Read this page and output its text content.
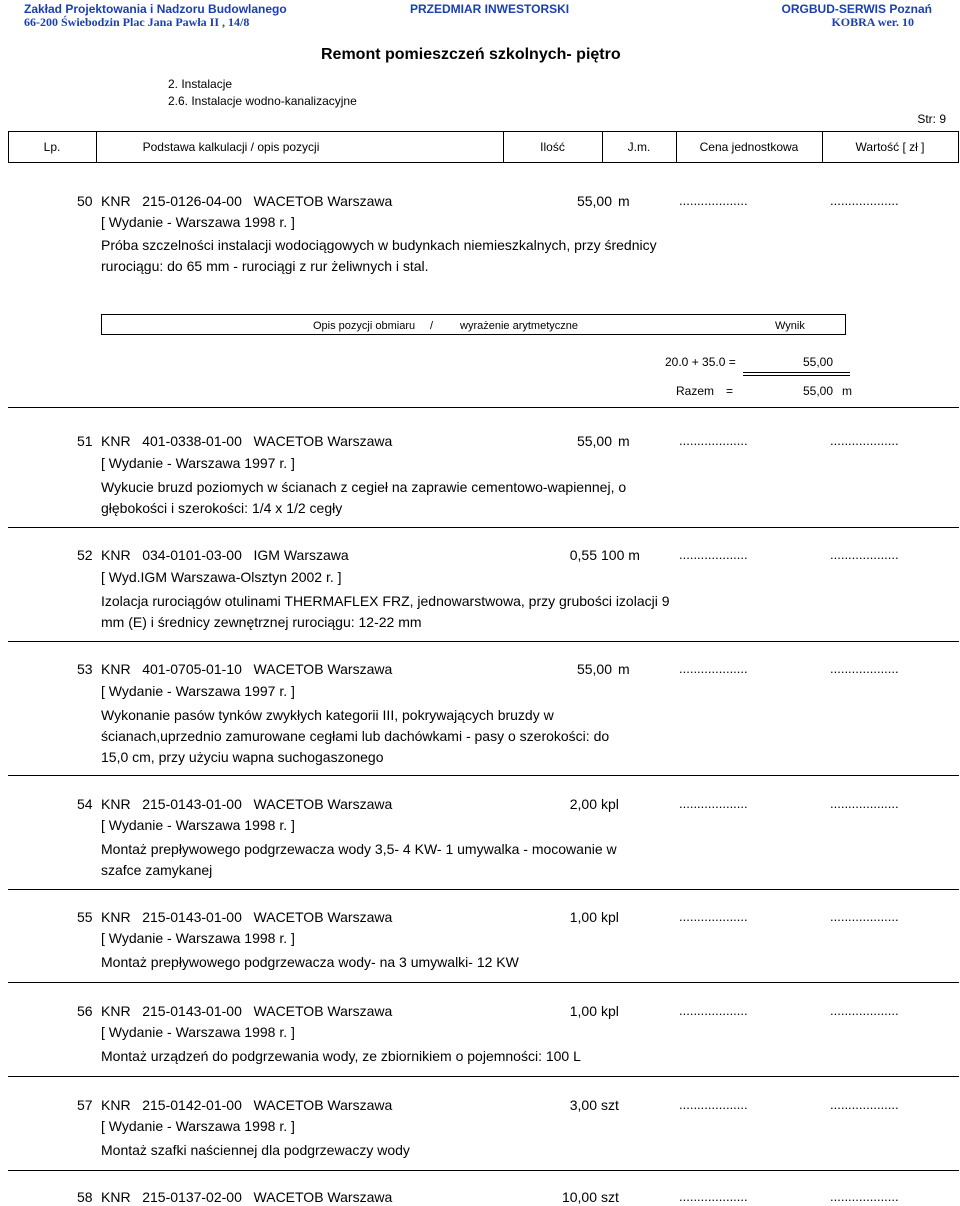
Zakład Projektowania i Nadzoru Budowlanego
66-200 Świebodzin Plac Jana Pawła II , 14/8
PRZEDMIAR INWESTORSKI	ORGBUD-SERWIS Poznań
KOBRA wer. 10
Remont pomieszczeń szkolnych- piętro
2. Instalacje
2.6. Instalacje wodno-kanalizacyjne
Str: 9
Lp.	Podstawa kalkulacji / opis pozycji	Ilość	J.m.	Cena jednostkowa	Wartość [ zł ]
50 KNR   215-0126-04-00   WACETOB Warszawa	55,00 m	...................	...................
[ Wydanie - Warszawa 1998 r. ]
Próba szczelności instalacji wodociągowych w budynkach niemieszkalnych, przy średnicy rurociągu: do 65 mm - rurociągi z rur żeliwnych i stal.
Opis pozycji obmiaru / wyrażenie arytmetyczne	Wynik
20.0 + 35.0 =	55,00
Razem =	55,00 m
51 KNR   401-0338-01-00   WACETOB Warszawa	55,00 m	...................	...................
[ Wydanie - Warszawa 1997 r. ]
Wykucie bruzd poziomych w ścianach z cegieł na zaprawie cementowo-wapiennej, o głębokości i szerokości: 1/4 x 1/2 cegły
52 KNR   034-0101-03-00   IGM Warszawa	0,55 100 m	...................	...................
[ Wyd.IGM Warszawa-Olsztyn 2002 r. ]
Izolacja rurociągów otulinami THERMAFLEX FRZ, jednowarstwowa, przy grubości izolacji 9 mm (E) i średnicy zewnętrznej rurociągu: 12-22 mm
53 KNR   401-0705-01-10   WACETOB Warszawa	55,00 m	...................	...................
[ Wydanie - Warszawa 1997 r. ]
Wykonanie pasów tynków zwykłych kategorii III, pokrywających bruzdy w ścianach,uprzednio zamurowane cegłami lub dachówkami - pasy o szerokości: do 15,0 cm, przy użyciu wapna suchogaszonego
54 KNR   215-0143-01-00   WACETOB Warszawa	2,00 kpl	...................	...................
[ Wydanie - Warszawa 1998 r. ]
Montaż prepływowego podgrzewacza wody 3,5- 4 KW- 1 umywalka - mocowanie w szafce zamykanej
55 KNR   215-0143-01-00   WACETOB Warszawa	1,00 kpl	...................	...................
[ Wydanie - Warszawa 1998 r. ]
Montaż prepływowego podgrzewacza wody- na 3 umywalki- 12 KW
56 KNR   215-0143-01-00   WACETOB Warszawa	1,00 kpl	...................	...................
[ Wydanie - Warszawa 1998 r. ]
Montaż urządzeń do podgrzewania wody, ze zbiornikiem o pojemności: 100 L
57 KNR   215-0142-01-00   WACETOB Warszawa	3,00 szt	...................	...................
[ Wydanie - Warszawa 1998 r. ]
Montaż szafki naściennej dla podgrzewaczy wody
58 KNR   215-0137-02-00   WACETOB Warszawa	10,00 szt	...................	...................
